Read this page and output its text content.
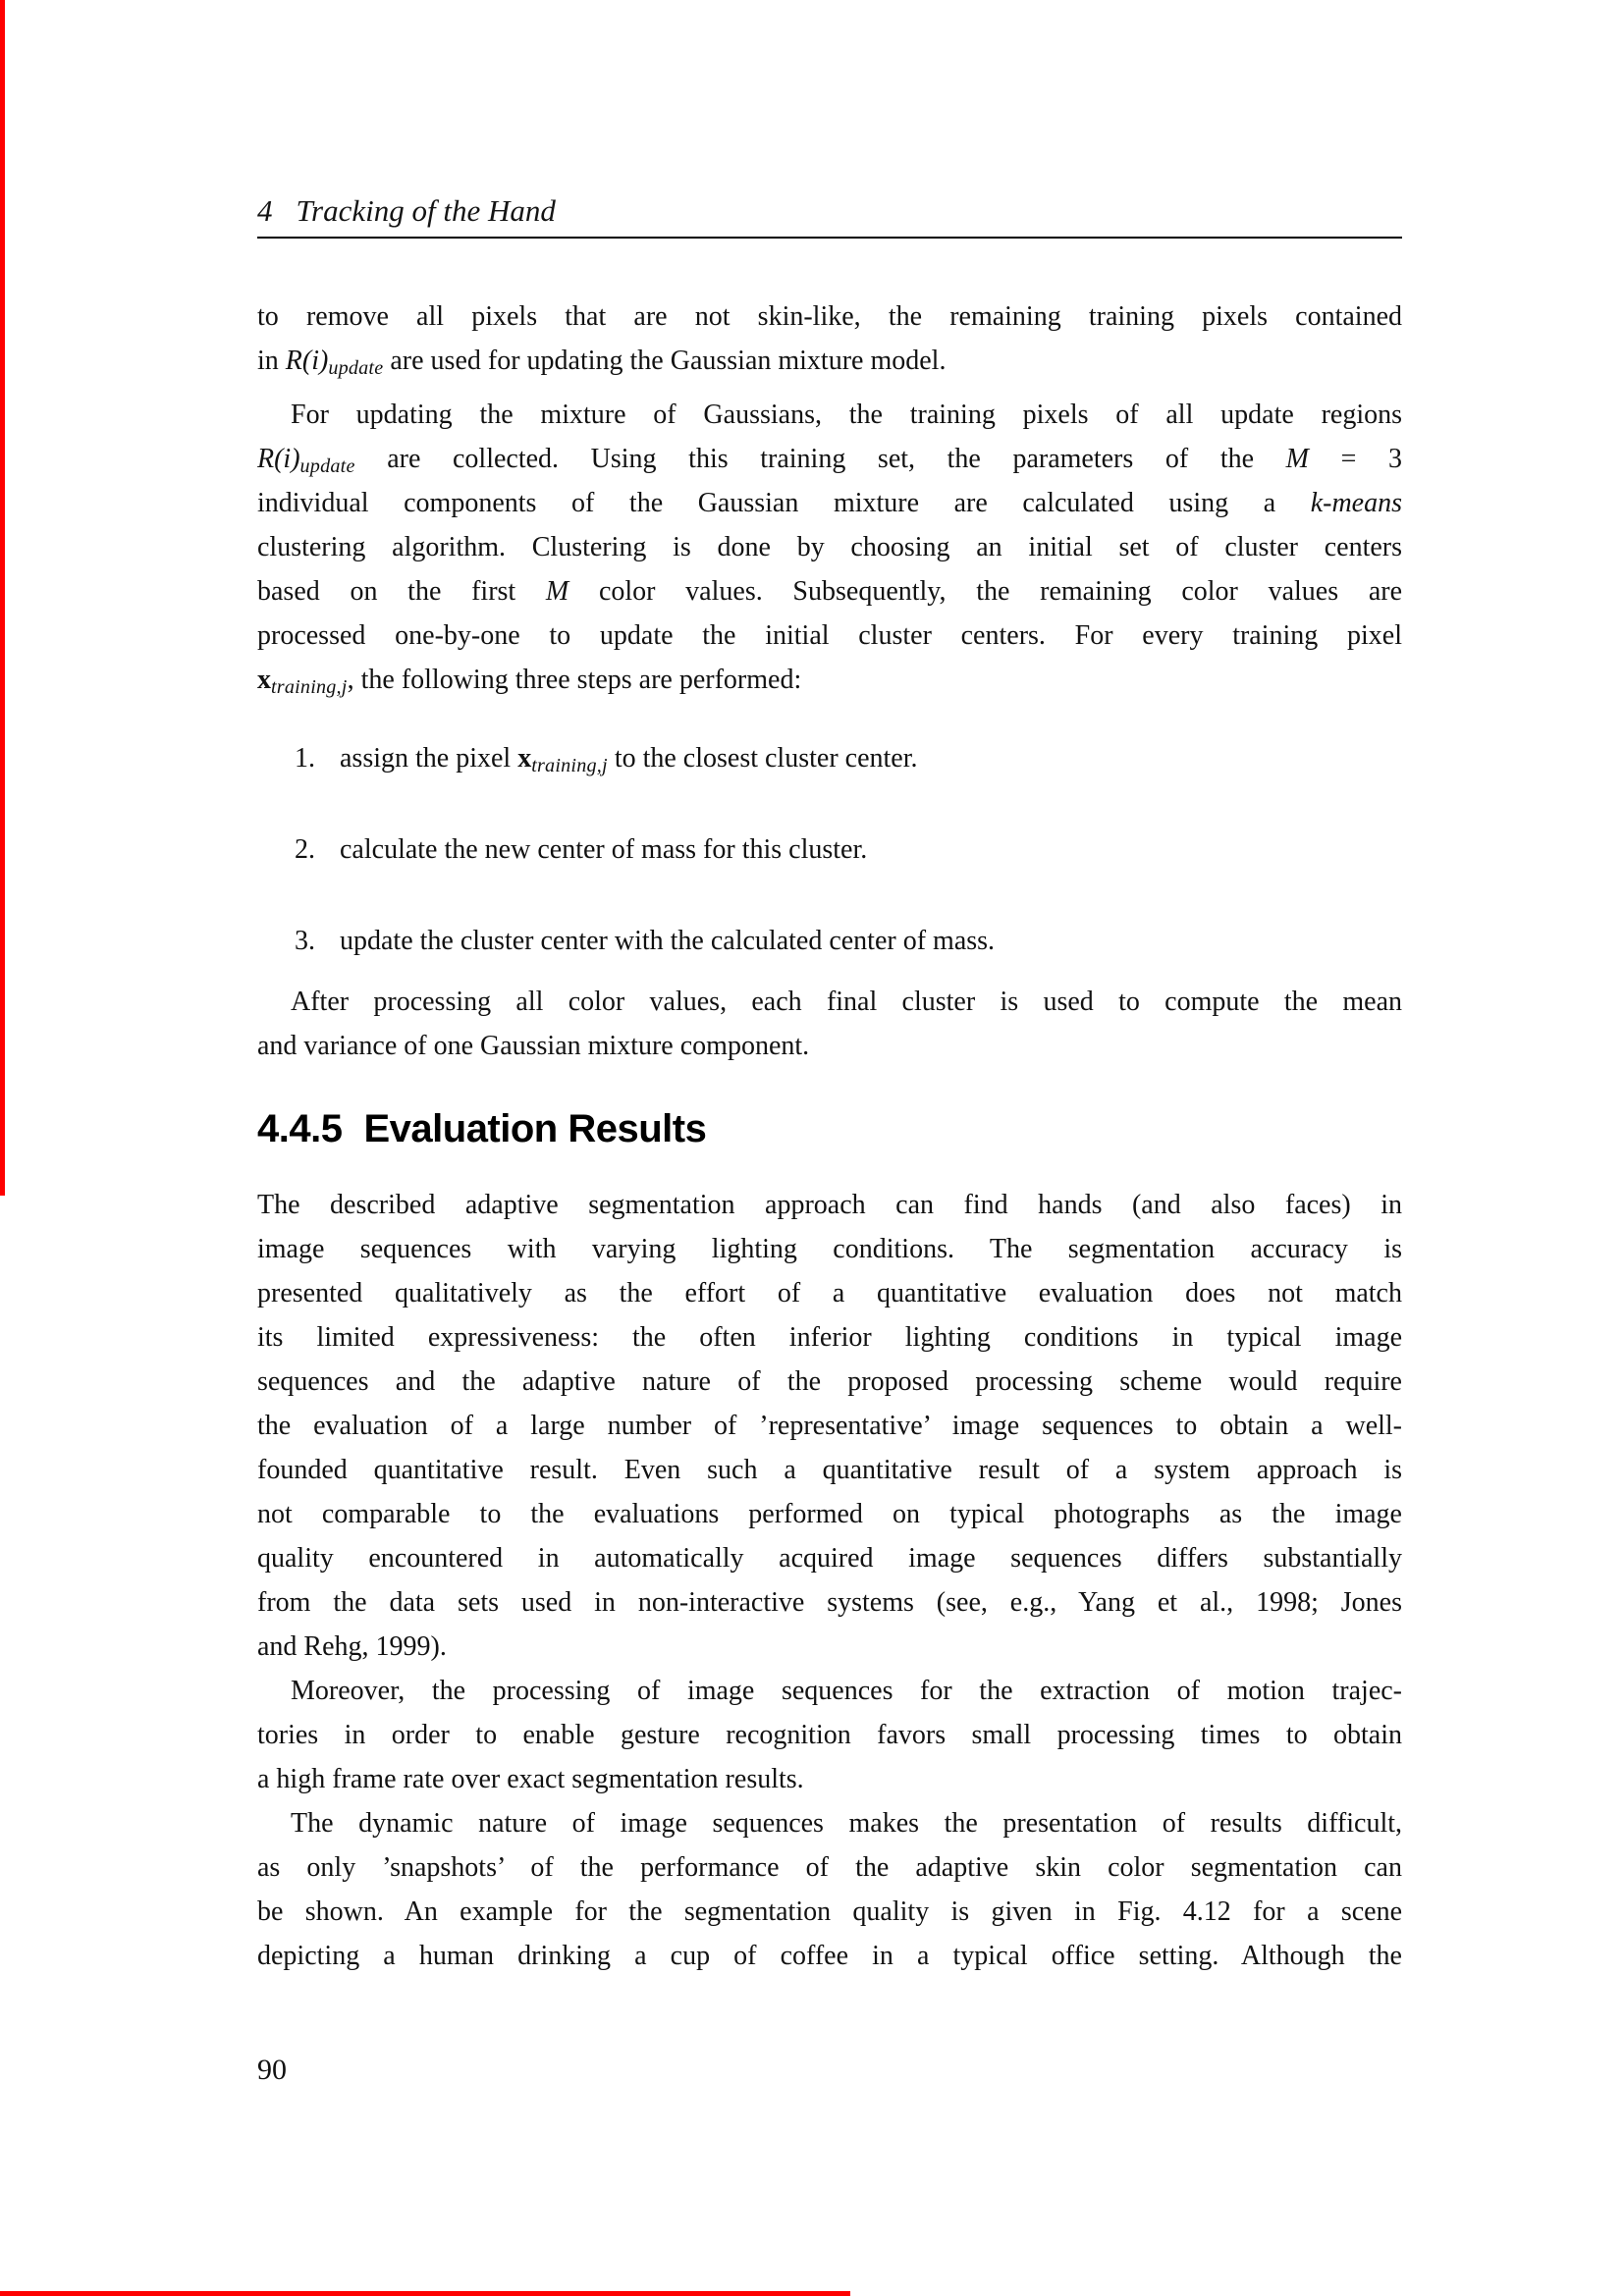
4 Tracking of the Hand
to remove all pixels that are not skin-like, the remaining training pixels contained
in $R(i)_{update}$ are used for updating the Gaussian mixture model.
For updating the mixture of Gaussians, the training pixels of all update regions
$R(i)_{update}$ are collected. Using this training set, the parameters of the M = 3
individual components of the Gaussian mixture are calculated using a k-means
clustering algorithm. Clustering is done by choosing an initial set of cluster centers
based on the first M color values. Subsequently, the remaining color values are
processed one-by-one to update the initial cluster centers. For every training pixel
$x_{training,j}$, the following three steps are performed:
1. assign the pixel $x_{training,j}$ to the closest cluster center.
2. calculate the new center of mass for this cluster.
3. update the cluster center with the calculated center of mass.
After processing all color values, each final cluster is used to compute the mean
and variance of one Gaussian mixture component.
4.4.5 Evaluation Results
The described adaptive segmentation approach can find hands (and also faces) in
image sequences with varying lighting conditions. The segmentation accuracy is
presented qualitatively as the effort of a quantitative evaluation does not match
its limited expressiveness: the often inferior lighting conditions in typical image
sequences and the adaptive nature of the proposed processing scheme would require
the evaluation of a large number of ’representative’ image sequences to obtain a well-
founded quantitative result. Even such a quantitative result of a system approach is
not comparable to the evaluations performed on typical photographs as the image
quality encountered in automatically acquired image sequences differs substantially
from the data sets used in non-interactive systems (see, e.g., Yang et al., 1998; Jones
and Rehg, 1999).
Moreover, the processing of image sequences for the extraction of motion trajec-
tories in order to enable gesture recognition favors small processing times to obtain
a high frame rate over exact segmentation results.
The dynamic nature of image sequences makes the presentation of results difficult,
as only ’snapshots’ of the performance of the adaptive skin color segmentation can
be shown. An example for the segmentation quality is given in Fig. 4.12 for a scene
depicting a human drinking a cup of coffee in a typical office setting. Although the
90
